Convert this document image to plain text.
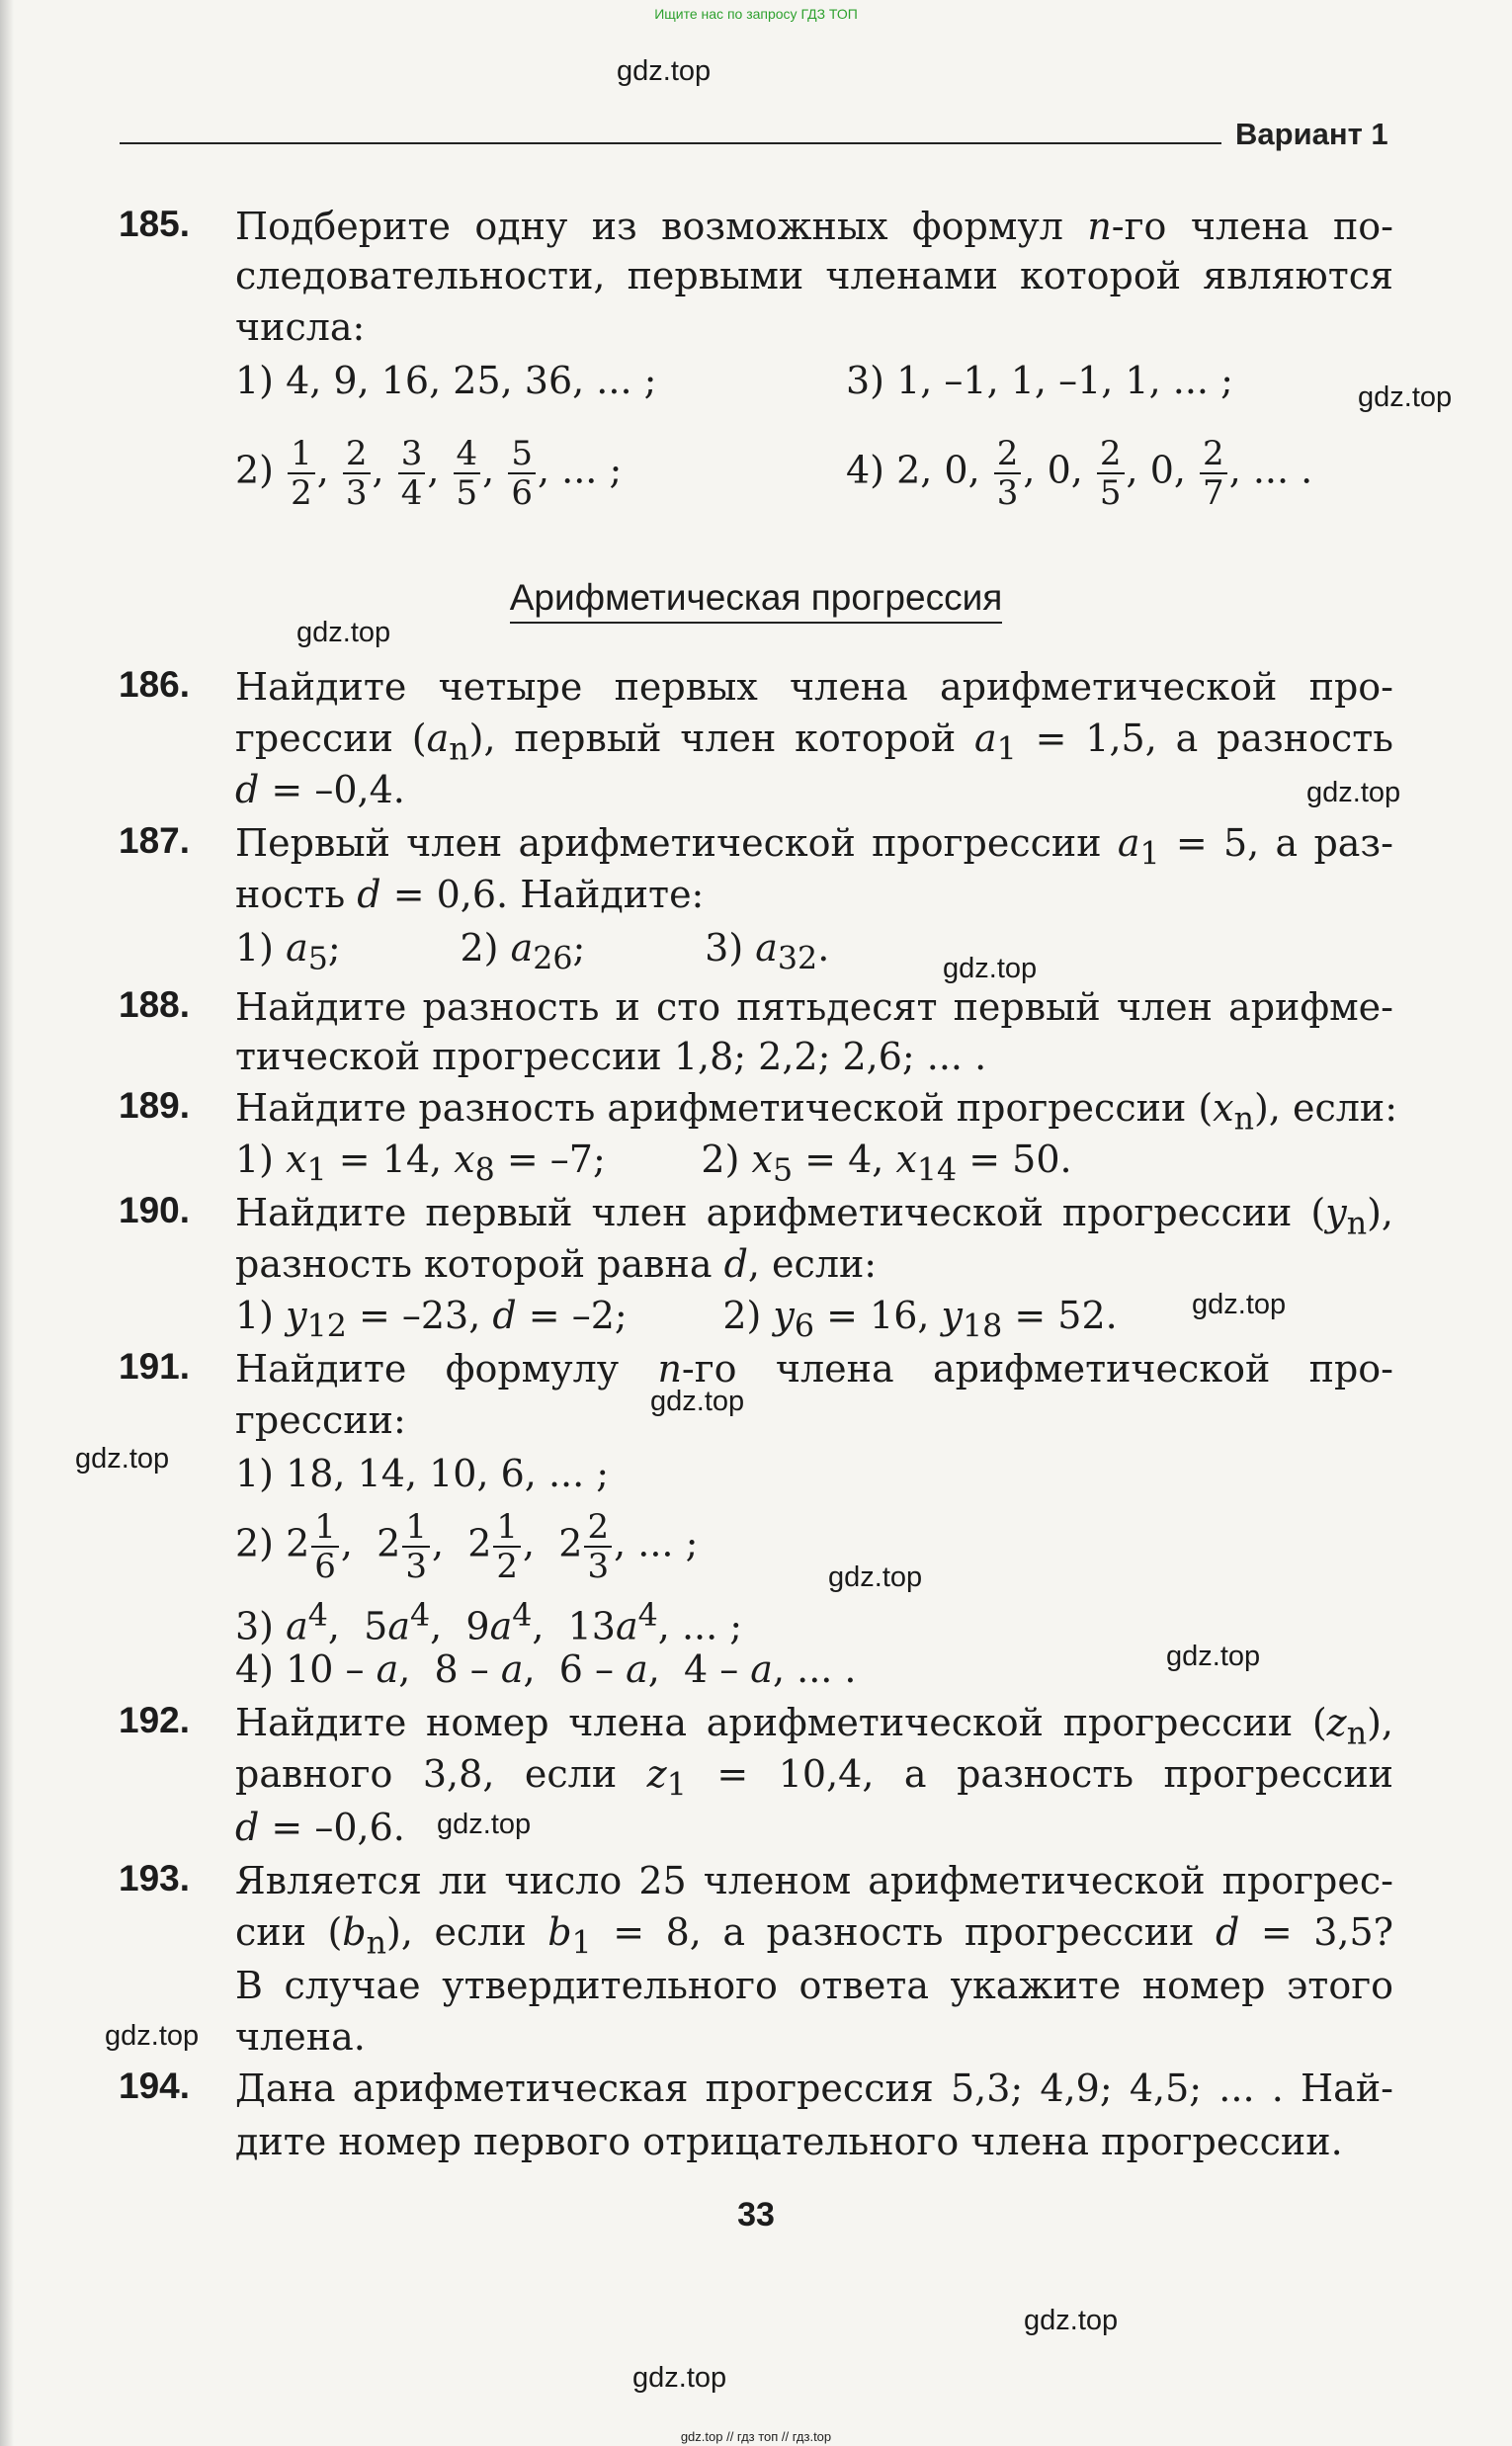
Ищите нас по запросу ГДЗ ТОП
gdz.top
gdz.top
gdz.top
gdz.top
gdz.top
gdz.top
gdz.top
gdz.top
gdz.top
gdz.top
gdz.top
gdz.top
gdz.top
gdz.top
Вариант 1
185. Подберите одну из возможных формул n-го члена по-
следовательности, первыми членами которой являются
числа:
1) 4, 9, 16, 25, 36, ... ;	3) 1, –1, 1, –1, 1, ... ;
$2) \frac{1}{2}$ , $\frac{2}{3}$ , $\frac{3}{4}$ , $\frac{4}{5}$ , $\frac{5}{6}$ , ... ;	4) 2, 0, $\frac{2}{3}$ , 0, $\frac{2}{5}$ , 0, $\frac{2}{7}$ , ... .
Арифметическая прогрессия
186. Найдите четыре первых члена арифметической про-
грессии $(a_n)$, первый член которой $a_1 = 1,5$, а разность
d = –0,4.
187. Первый член арифметической прогрессии $a_1 = 5$, а раз-
ность d = 0,6. Найдите:
1) $a_5$;          2) $a_{26}$;          3) $a_{32}$.
188. Найдите разность и сто пятьдесят первый член арифме-
тической прогрессии 1,8; 2,2; 2,6; ... .
189. Найдите разность арифметической прогрессии $(x_n)$, если:
1) $x_1 = 14$, $x_8 = -7$;        2) $x_5 = 4$, $x_{14} = 50$.
190. Найдите первый член арифметической прогрессии $(y_n)$,
разность которой равна d, если:
1) $y_{12} = -23$, d = –2;        2) $y_6 = 16$, $y_{18} = 52$.
191. Найдите формулу n-го члена арифметической про-
грессии:
1) 18, 14, 10, 6, ... ;
2) $2 \frac{1}{6}$ ,  $2 \frac{1}{3}$ ,  $2 \frac{1}{2}$ ,  $2 \frac{2}{3}$ , ... ;
3) $a^4$,  $5a^4$,  $9a^4$,  $13a^4$, ... ;
4) 10 – a,  8 – a,  6 – a,  4 – a, ... .
192. Найдите номер члена арифметической прогрессии $(z_n)$,
равного 3,8, если $z_1 = 10,4$, а разность прогрессии
d = –0,6.
193. Является ли число 25 членом арифметической прогрес-
сии $(b_n)$, если $b_1 = 8$, а разность прогрессии d = 3,5?
В случае утвердительного ответа укажите номер этого
члена.
194. Дана арифметическая прогрессия 5,3; 4,9; 4,5; ... . Най-
дите номер первого отрицательного члена прогрессии.
33
gdz.top // гдз топ // гдз.top
